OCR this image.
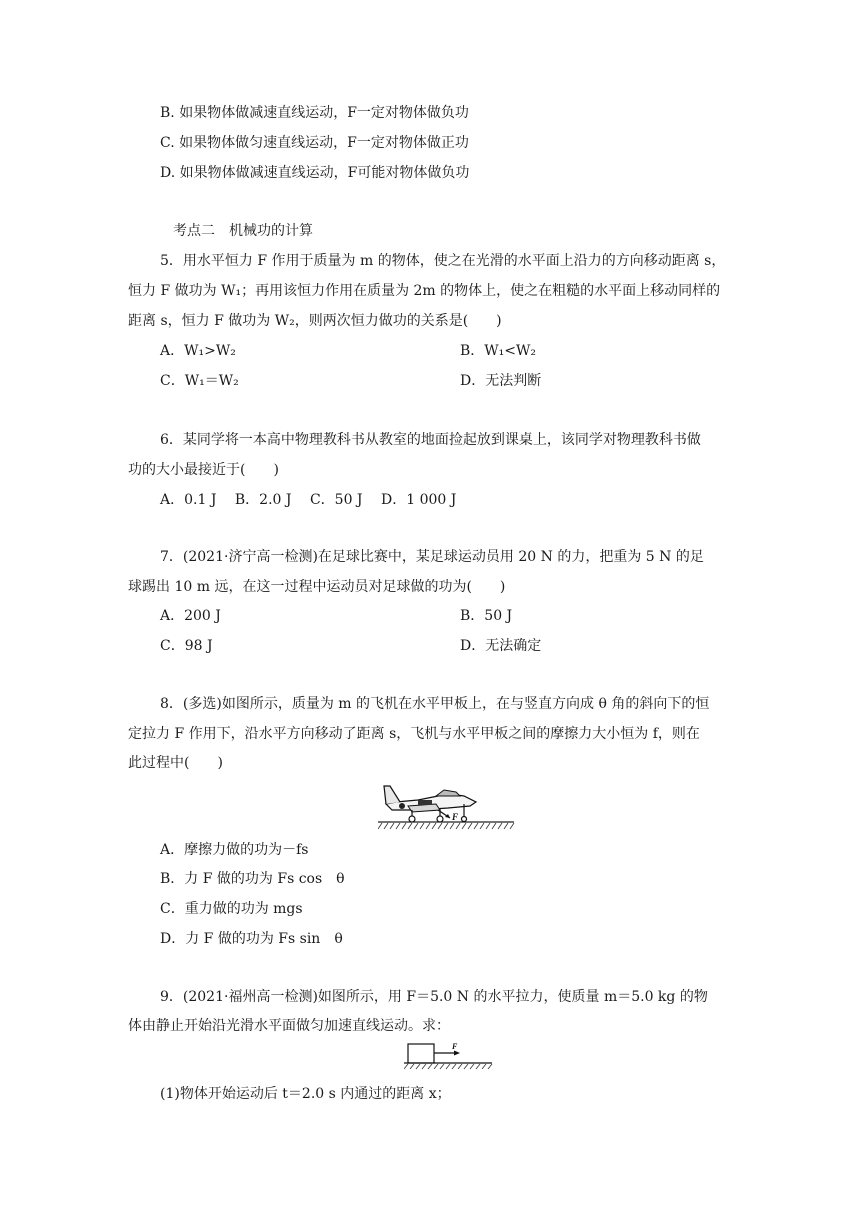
B. 如果物体做减速直线运动，F一定对物体做负功
C. 如果物体做匀速直线运动，F一定对物体做正功
D. 如果物体做减速直线运动，F可能对物体做负功
考点二　机械功的计算
5．用水平恒力 F 作用于质量为 m 的物体，使之在光滑的水平面上沿力的方向移动距离 s，
恒力 F 做功为 W₁；再用该恒力作用在质量为 2m 的物体上，使之在粗糙的水平面上移动同样的
距离 s，恒力 F 做功为 W₂，则两次恒力做功的关系是(　　)
A．W₁>W₂	B．W₁<W₂
C．W₁＝W₂	D．无法判断
6．某同学将一本高中物理教科书从教室的地面捡起放到课桌上，该同学对物理教科书做
功的大小最接近于(　　)
A．0.1 J　 B．2.0 J　 C．50 J　 D．1 000 J
7．(2021·济宁高一检测)在足球比赛中，某足球运动员用 20 N 的力，把重为 5 N 的足
球踢出 10 m 远，在这一过程中运动员对足球做的功为(　　)
A．200 J	B．50 J
C．98 J	D．无法确定
8．(多选)如图所示，质量为 m 的飞机在水平甲板上，在与竖直方向成 θ 角的斜向下的恒
定拉力 F 作用下，沿水平方向移动了距离 s，飞机与水平甲板之间的摩擦力大小恒为 f，则在
此过程中(　　)
F
A．摩擦力做的功为－fs
B．力 F 做的功为 Fs cos　θ
C．重力做的功为 mgs
D．力 F 做的功为 Fs sin　θ
9．(2021·福州高一检测)如图所示，用 F＝5.0 N 的水平拉力，使质量 m＝5.0 kg 的物
体由静止开始沿光滑水平面做匀加速直线运动。求：
F
(1)物体开始运动后 t＝2.0 s 内通过的距离 x；
